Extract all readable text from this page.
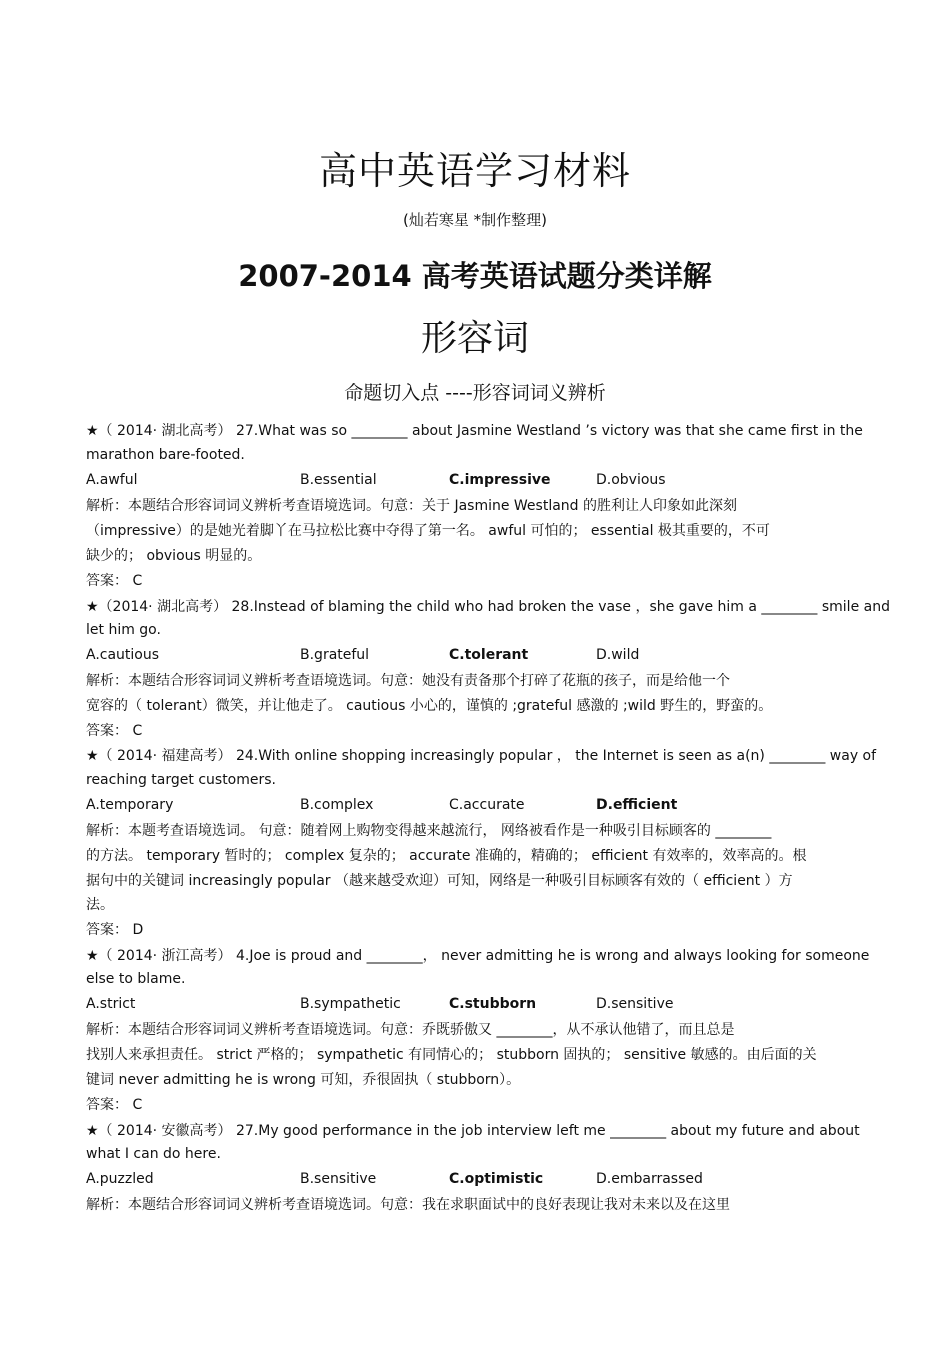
高中英语学习材料
(灿若寒星 *制作整理)
2007-2014 高考英语试题分类详解
形容词
命题切入点 ----形容词词义辨析
★（ 2014· 湖北高考） 27.What was so ________ about Jasmine Westland ’s victory was that she came first in the
marathon bare-footed.
A.awful	B.essential	C.impressive	D.obvious
解析：本题结合形容词词义辨析考查语境选词。句意：关于 Jasmine Westland 的胜利让人印象如此深刻
（impressive）的是她光着脚丫在马拉松比赛中夺得了第一名。 awful 可怕的； essential 极其重要的，不可
缺少的； obvious 明显的。
答案： C
★（2014· 湖北高考） 28.Instead of blaming the child who had broken the vase ，she gave him a ________ smile and
let him go.
A.cautious	B.grateful	C.tolerant	D.wild
解析：本题结合形容词词义辨析考查语境选词。句意：她没有责备那个打碎了花瓶的孩子，而是给他一个
宽容的（ tolerant）微笑，并让他走了。 cautious 小心的，谨慎的 ;grateful 感激的 ;wild 野生的，野蛮的。
答案： C
★（ 2014· 福建高考） 24.With online shopping increasingly popular ， the Internet is seen as a(n) ________ way of
reaching target customers.
A.temporary	B.complex	C.accurate	D.efficient
解析：本题考查语境选词。 句意：随着网上购物变得越来越流行， 网络被看作是一种吸引目标顾客的 ________
的方法。 temporary 暂时的； complex 复杂的； accurate 准确的，精确的； efficient 有效率的，效率高的。根
据句中的关键词 increasingly popular （越来越受欢迎）可知，网络是一种吸引目标顾客有效的（ efficient ）方
法。
答案： D
★（ 2014· 浙江高考） 4.Joe is proud and ________， never admitting he is wrong and always looking for someone
else to blame.
A.strict	B.sympathetic	C.stubborn	D.sensitive
解析：本题结合形容词词义辨析考查语境选词。句意：乔既骄傲又 ________，从不承认他错了，而且总是
找别人来承担责任。 strict 严格的； sympathetic 有同情心的； stubborn 固执的； sensitive 敏感的。由后面的关
键词 never admitting he is wrong 可知，乔很固执（ stubborn）。
答案： C
★（ 2014· 安徽高考） 27.My good performance in the job interview left me ________ about my future and about
what I can do here.
A.puzzled	B.sensitive	C.optimistic	D.embarrassed
解析：本题结合形容词词义辨析考查语境选词。句意：我在求职面试中的良好表现让我对未来以及在这里
